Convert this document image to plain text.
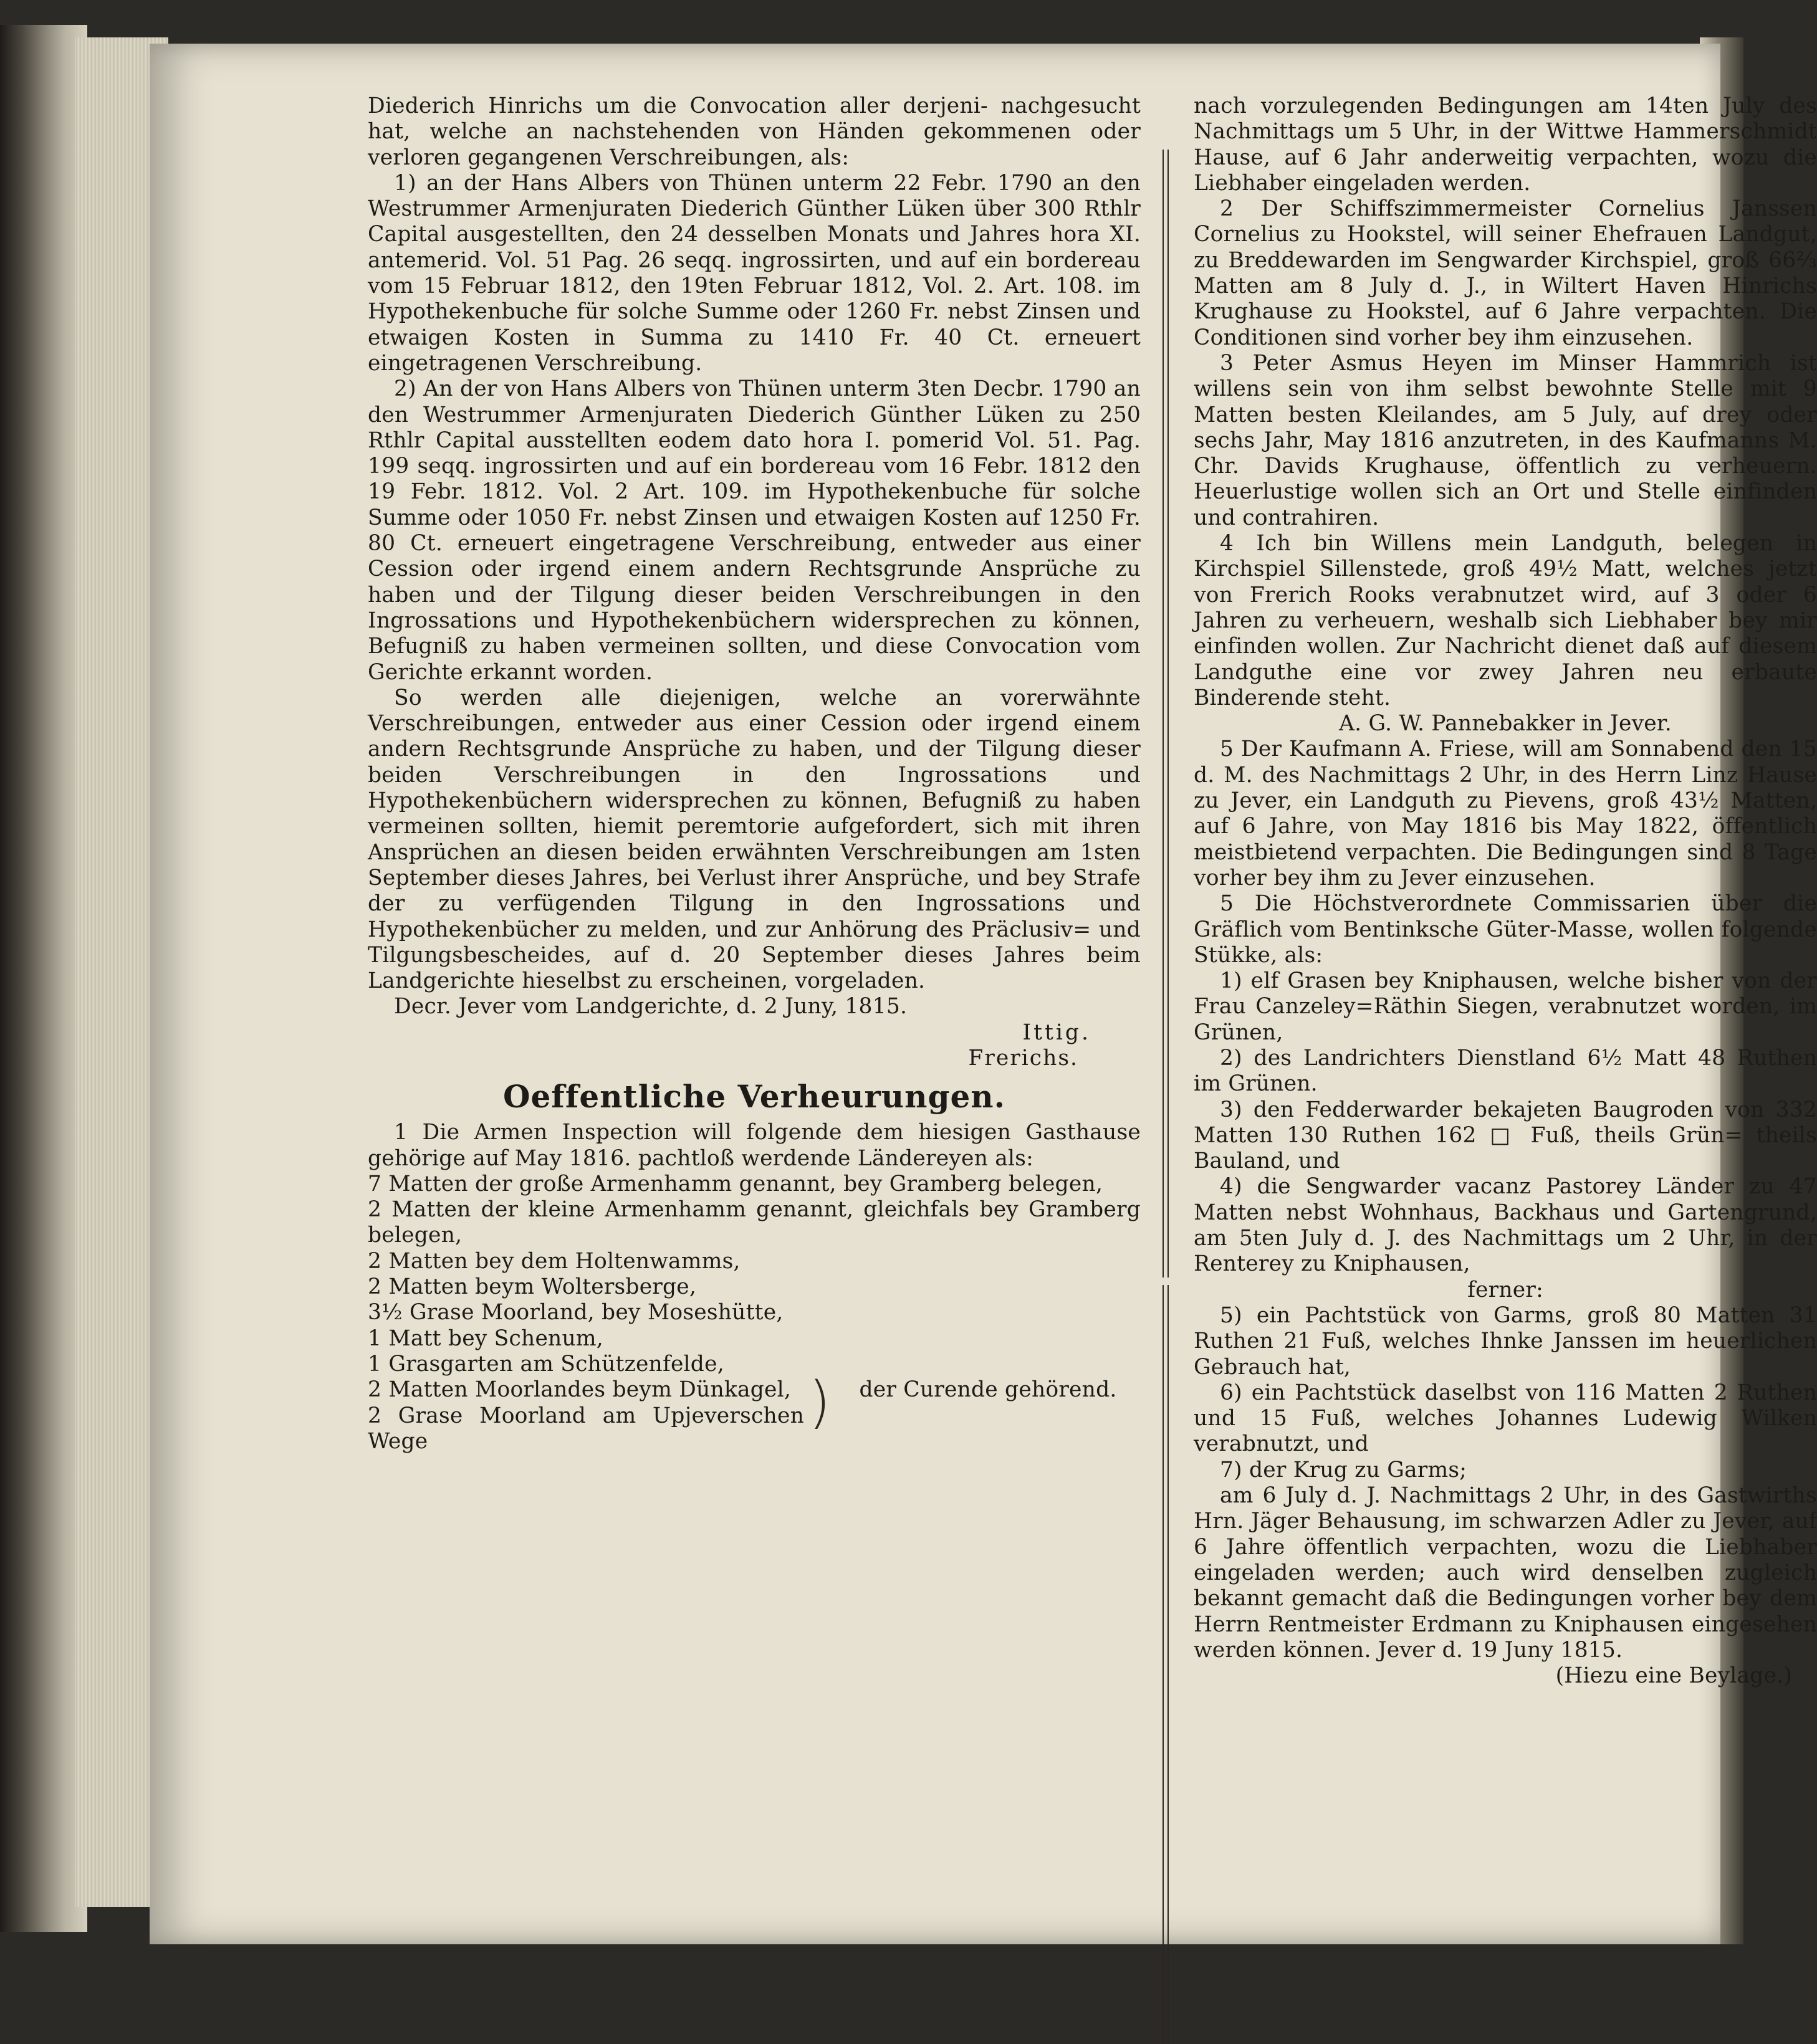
Diederich Hinrichs um die Convocation aller derjeni- nachgesucht hat, welche an nachstehenden von Händen gekommenen oder verloren gegangenen Verschreibungen, als:

1) an der Hans Albers von Thünen unterm 22 Febr. 1790 an den Westrummer Armenjuraten Diederich Günther Lüken über 300 Rthlr Capital ausgestellten, den 24 desselben Monats und Jahres hora XI. antemerid. Vol. 51 Pag. 26 seqq. ingrossirten, und auf ein bordereau vom 15 Februar 1812, den 19ten Februar 1812, Vol. 2. Art. 108. im Hypothekenbuche für solche Summe oder 1260 Fr. nebst Zinsen und etwaigen Kosten in Summa zu 1410 Fr. 40 Ct. erneuert eingetragenen Verschreibung.

2) An der von Hans Albers von Thünen unterm 3ten Decbr. 1790 an den Westrummer Armenjuraten Diederich Günther Lüken zu 250 Rthlr Capital ausstellten eodem dato hora I. pomerid Vol. 51. Pag. 199 seqq. ingrossirten und auf ein bordereau vom 16 Febr. 1812 den 19 Febr. 1812. Vol. 2 Art. 109. im Hypothekenbuche für solche Summe oder 1050 Fr. nebst Zinsen und etwaigen Kosten auf 1250 Fr. 80 Ct. erneuert eingetragene Verschreibung, entweder aus einer Cession oder irgend einem andern Rechtsgrunde Ansprüche zu haben und der Tilgung dieser beiden Verschreibungen in den Ingrossations und Hypothekenbüchern widersprechen zu können, Befugniß zu haben vermeinen sollten, und diese Convocation vom Gerichte erkannt worden.

So werden alle diejenigen, welche an vorerwähnte Verschreibungen, entweder aus einer Cession oder irgend einem andern Rechtsgrunde Ansprüche zu haben, und der Tilgung dieser beiden Verschreibungen in den Ingrossations und Hypothekenbüchern widersprechen zu können, Befugniß zu haben vermeinen sollten, hiemit peremtorie aufgefordert, sich mit ihren Ansprüchen an diesen beiden erwähnten Verschreibungen am 1sten September dieses Jahres, bei Verlust ihrer Ansprüche, und bey Strafe der zu verfügenden Tilgung in den Ingrossations und Hypothekenbücher zu melden, und zur Anhörung des Präclusiv= und Tilgungsbescheides, auf d. 20 September dieses Jahres beim Landgerichte hieselbst zu erscheinen, vorgeladen.

Decr. Jever vom Landgerichte, d. 2 Juny, 1815.

Ittig.

Frerichs.

Oeffentliche Verheurungen.

1 Die Armen Inspection will folgende dem hiesigen Gasthause gehörige auf May 1816. pachtloß werdende Ländereyen als:

7 Matten der große Armenhamm genannt, bey Gramberg belegen,

2 Matten der kleine Armenhamm genannt, gleichfals bey Gramberg belegen,

2 Matten bey dem Holtenwamms,

2 Matten beym Woltersberge,

3½ Grase Moorland, bey Moseshütte,

1 Matt bey Schenum,

1 Grasgarten am Schützenfelde,

2 Matten Moorlandes beym Dünkagel,

2 Grase Moorland am Upjeverschen Wege

)	der Curende gehörend.

nach vorzulegenden Bedingungen am 14ten July des Nachmittags um 5 Uhr, in der Wittwe Hammerschmidt Hause, auf 6 Jahr anderweitig verpachten, wozu die Liebhaber eingeladen werden.

2 Der Schiffszimmermeister Cornelius Janssen Cornelius zu Hookstel, will seiner Ehefrauen Landgut, zu Breddewarden im Sengwarder Kirchspiel, groß 66⅔ Matten am 8 July d. J., in Wiltert Haven Hinrichs Krughause zu Hookstel, auf 6 Jahre verpachten. Die Conditionen sind vorher bey ihm einzusehen.

3 Peter Asmus Heyen im Minser Hammrich ist willens sein von ihm selbst bewohnte Stelle mit 9 Matten besten Kleilandes, am 5 July, auf drey oder sechs Jahr, May 1816 anzutreten, in des Kaufmanns M. Chr. Davids Krughause, öffentlich zu verheuern. Heuerlustige wollen sich an Ort und Stelle einfinden und contrahiren.

4 Ich bin Willens mein Landguth, belegen in Kirchspiel Sillenstede, groß 49½ Matt, welches jetzt von Frerich Rooks verabnutzet wird, auf 3 oder 6 Jahren zu verheuern, weshalb sich Liebhaber bey mir einfinden wollen. Zur Nachricht dienet daß auf diesem Landguthe eine vor zwey Jahren neu erbaute Binderende steht.

A. G. W. Pannebakker in Jever.

5 Der Kaufmann A. Friese, will am Sonnabend den 15 d. M. des Nachmittags 2 Uhr, in des Herrn Linz Hause zu Jever, ein Landguth zu Pievens, groß 43½ Matten, auf 6 Jahre, von May 1816 bis May 1822, öffentlich meistbietend verpachten. Die Bedingungen sind 8 Tage vorher bey ihm zu Jever einzusehen.

5 Die Höchstverordnete Commissarien über die Gräflich vom Bentinksche Güter-Masse, wollen folgende Stükke, als:

1) elf Grasen bey Kniphausen, welche bisher von der Frau Canzeley=Räthin Siegen, verabnutzet worden, im Grünen,

2) des Landrichters Dienstland 6½ Matt 48 Ruthen im Grünen.

3) den Fedderwarder bekajeten Baugroden von 332 Matten 130 Ruthen 162 □ Fuß, theils Grün= theils Bauland, und

4) die Sengwarder vacanz Pastorey Länder zu 47 Matten nebst Wohnhaus, Backhaus und Gartengrund, am 5ten July d. J. des Nachmittags um 2 Uhr, in der Renterey zu Kniphausen,

ferner:

5) ein Pachtstück von Garms, groß 80 Matten 31 Ruthen 21 Fuß, welches Ihnke Janssen im heuerlichen Gebrauch hat,

6) ein Pachtstück daselbst von 116 Matten 2 Ruthen und 15 Fuß, welches Johannes Ludewig Wilken verabnutzt, und

7) der Krug zu Garms;

am 6 July d. J. Nachmittags 2 Uhr, in des Gastwirths Hrn. Jäger Behausung, im schwarzen Adler zu Jever, auf 6 Jahre öffentlich verpachten, wozu die Liebhaber eingeladen werden; auch wird denselben zugleich bekannt gemacht daß die Bedingungen vorher bey dem Herrn Rentmeister Erdmann zu Kniphausen eingesehen werden können. Jever d. 19 Juny 1815.

(Hiezu eine Beylage.)
